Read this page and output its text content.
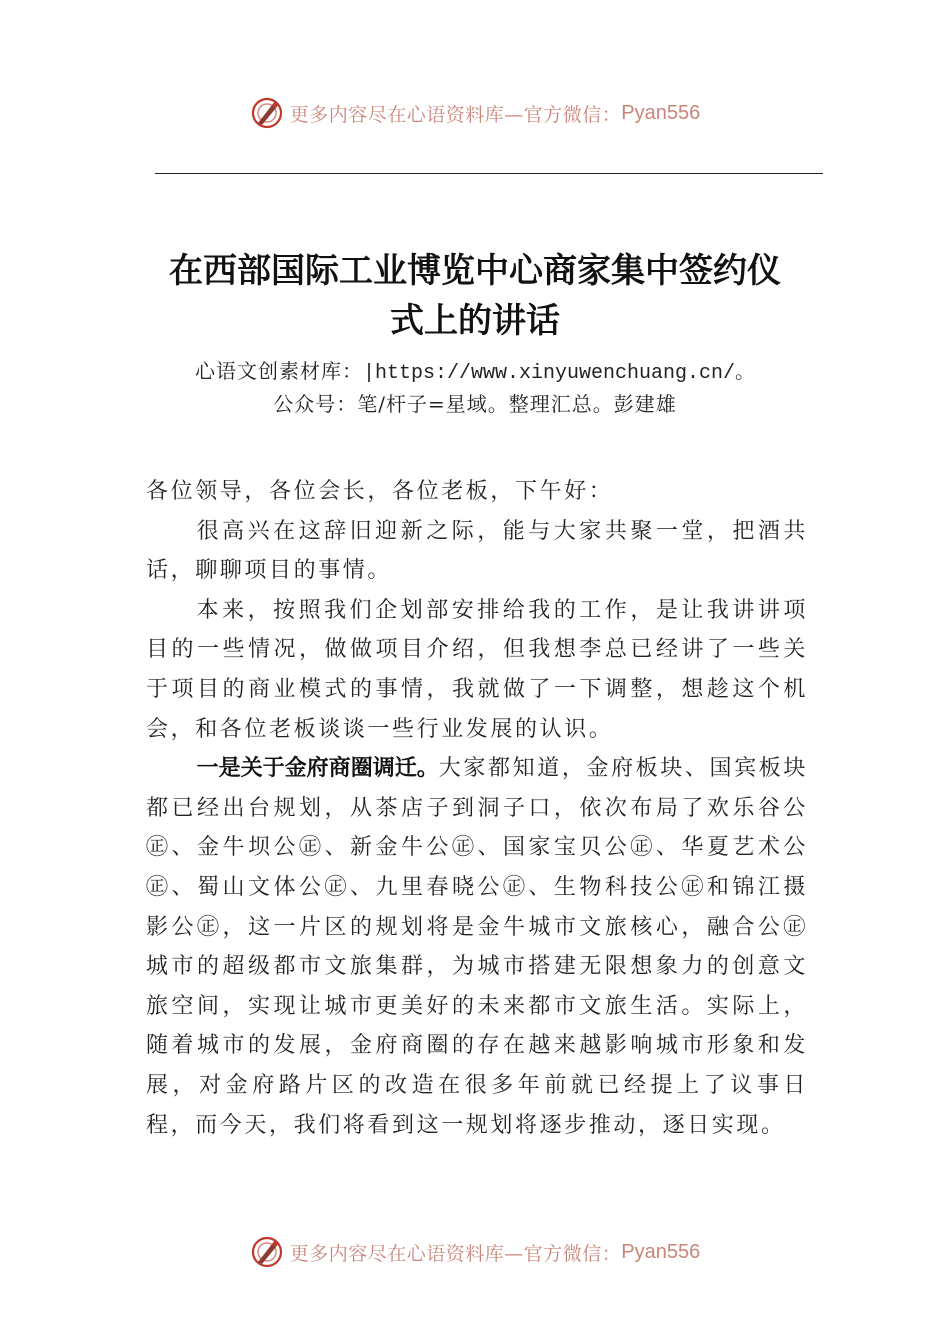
更多内容尽在心语资料库—官方微信： Pyan556
在西部国际工业博览中心商家集中签约仪
式上的讲话
心语文创素材库：|https://www.xinyuwenchuang.cn/。
公众号：笔/杆子=星域。整理汇总。彭建雄

各位领导，各位会长，各位老板，下午好：

很高兴在这辞旧迎新之际，能与大家共聚一堂，把酒共话，聊聊项目的事情。

本来，按照我们企划部安排给我的工作，是让我讲讲项目的一些情况，做做项目介绍，但我想李总已经讲了一些关于项目的商业模式的事情，我就做了一下调整，想趁这个机会，和各位老板谈谈一些行业发展的认识。

一是关于金府商圈调迁。大家都知道，金府板块、国宾板块都已经出台规划，从茶店子到洞子口，依次布局了欢乐谷公㊣、金牛坝公㊣、新金牛公㊣、国家宝贝公㊣、华夏艺术公㊣、蜀山文体公㊣、九里春晓公㊣、生物科技公㊣和锦江摄影公㊣，这一片区的规划将是金牛城市文旅核心，融合公㊣城市的超级都市文旅集群，为城市搭建无限想象力的创意文旅空间，实现让城市更美好的未来都市文旅生活。实际上，随着城市的发展，金府商圈的存在越来越影响城市形象和发展，对金府路片区的改造在很多年前就已经提上了议事日程，而今天，我们将看到这一规划将逐步推动，逐日实现。

更多内容尽在心语资料库—官方微信： Pyan556
